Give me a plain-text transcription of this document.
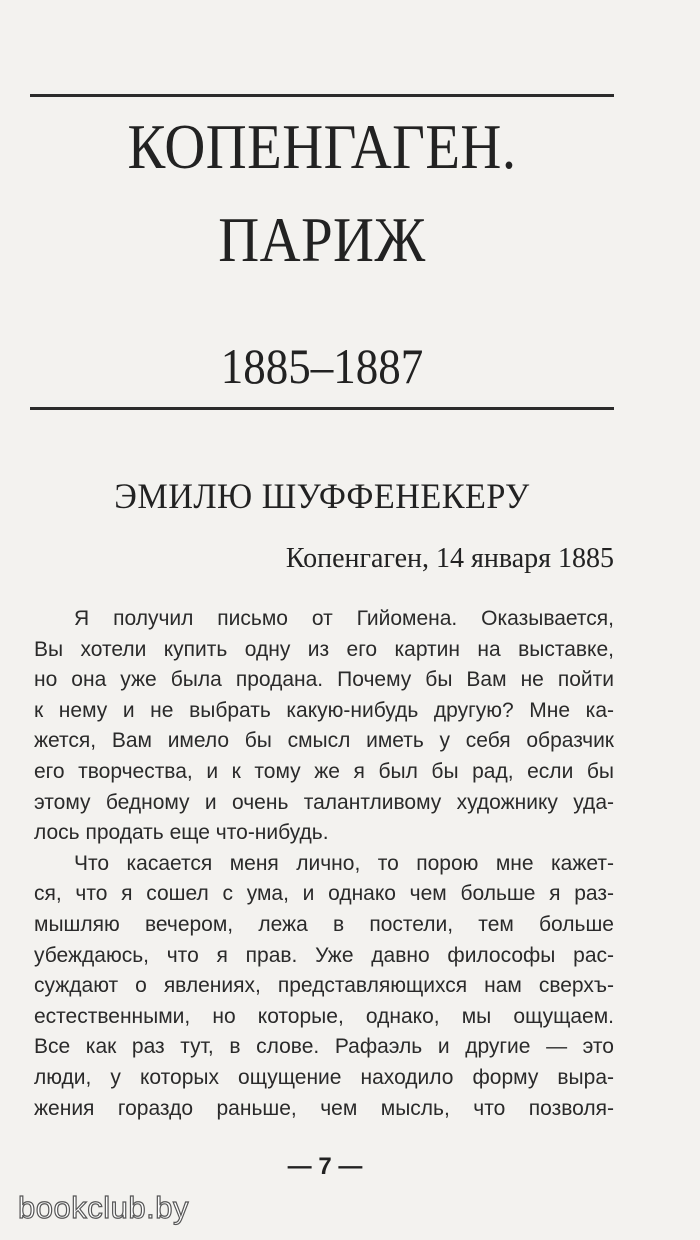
КОПЕНГАГЕН.
ПАРИЖ
1885–1887
ЭМИЛЮ ШУФФЕНЕКЕРУ
Копенгаген, 14 января 1885
Я получил письмо от Гийомена. Оказывается,
Вы хотели купить одну из его картин на выставке,
но она уже была продана. Почему бы Вам не пойти
к нему и не выбрать какую-нибудь другую? Мне ка-
жется, Вам имело бы смысл иметь у себя образчик
его творчества, и к тому же я был бы рад, если бы
этому бедному и очень талантливому художнику уда-
лось продать еще что-нибудь.
Что касается меня лично, то порою мне кажет-
ся, что я сошел с ума, и однако чем больше я раз-
мышляю вечером, лежа в постели, тем больше
убеждаюсь, что я прав. Уже давно философы рас-
суждают о явлениях, представляющихся нам сверхъ-
естественными, но которые, однако, мы ощущаем.
Все как раз тут, в слове. Рафаэль и другие — это
люди, у которых ощущение находило форму выра-
жения гораздо раньше, чем мысль, что позволя-
— 7 —
bookclub.by
